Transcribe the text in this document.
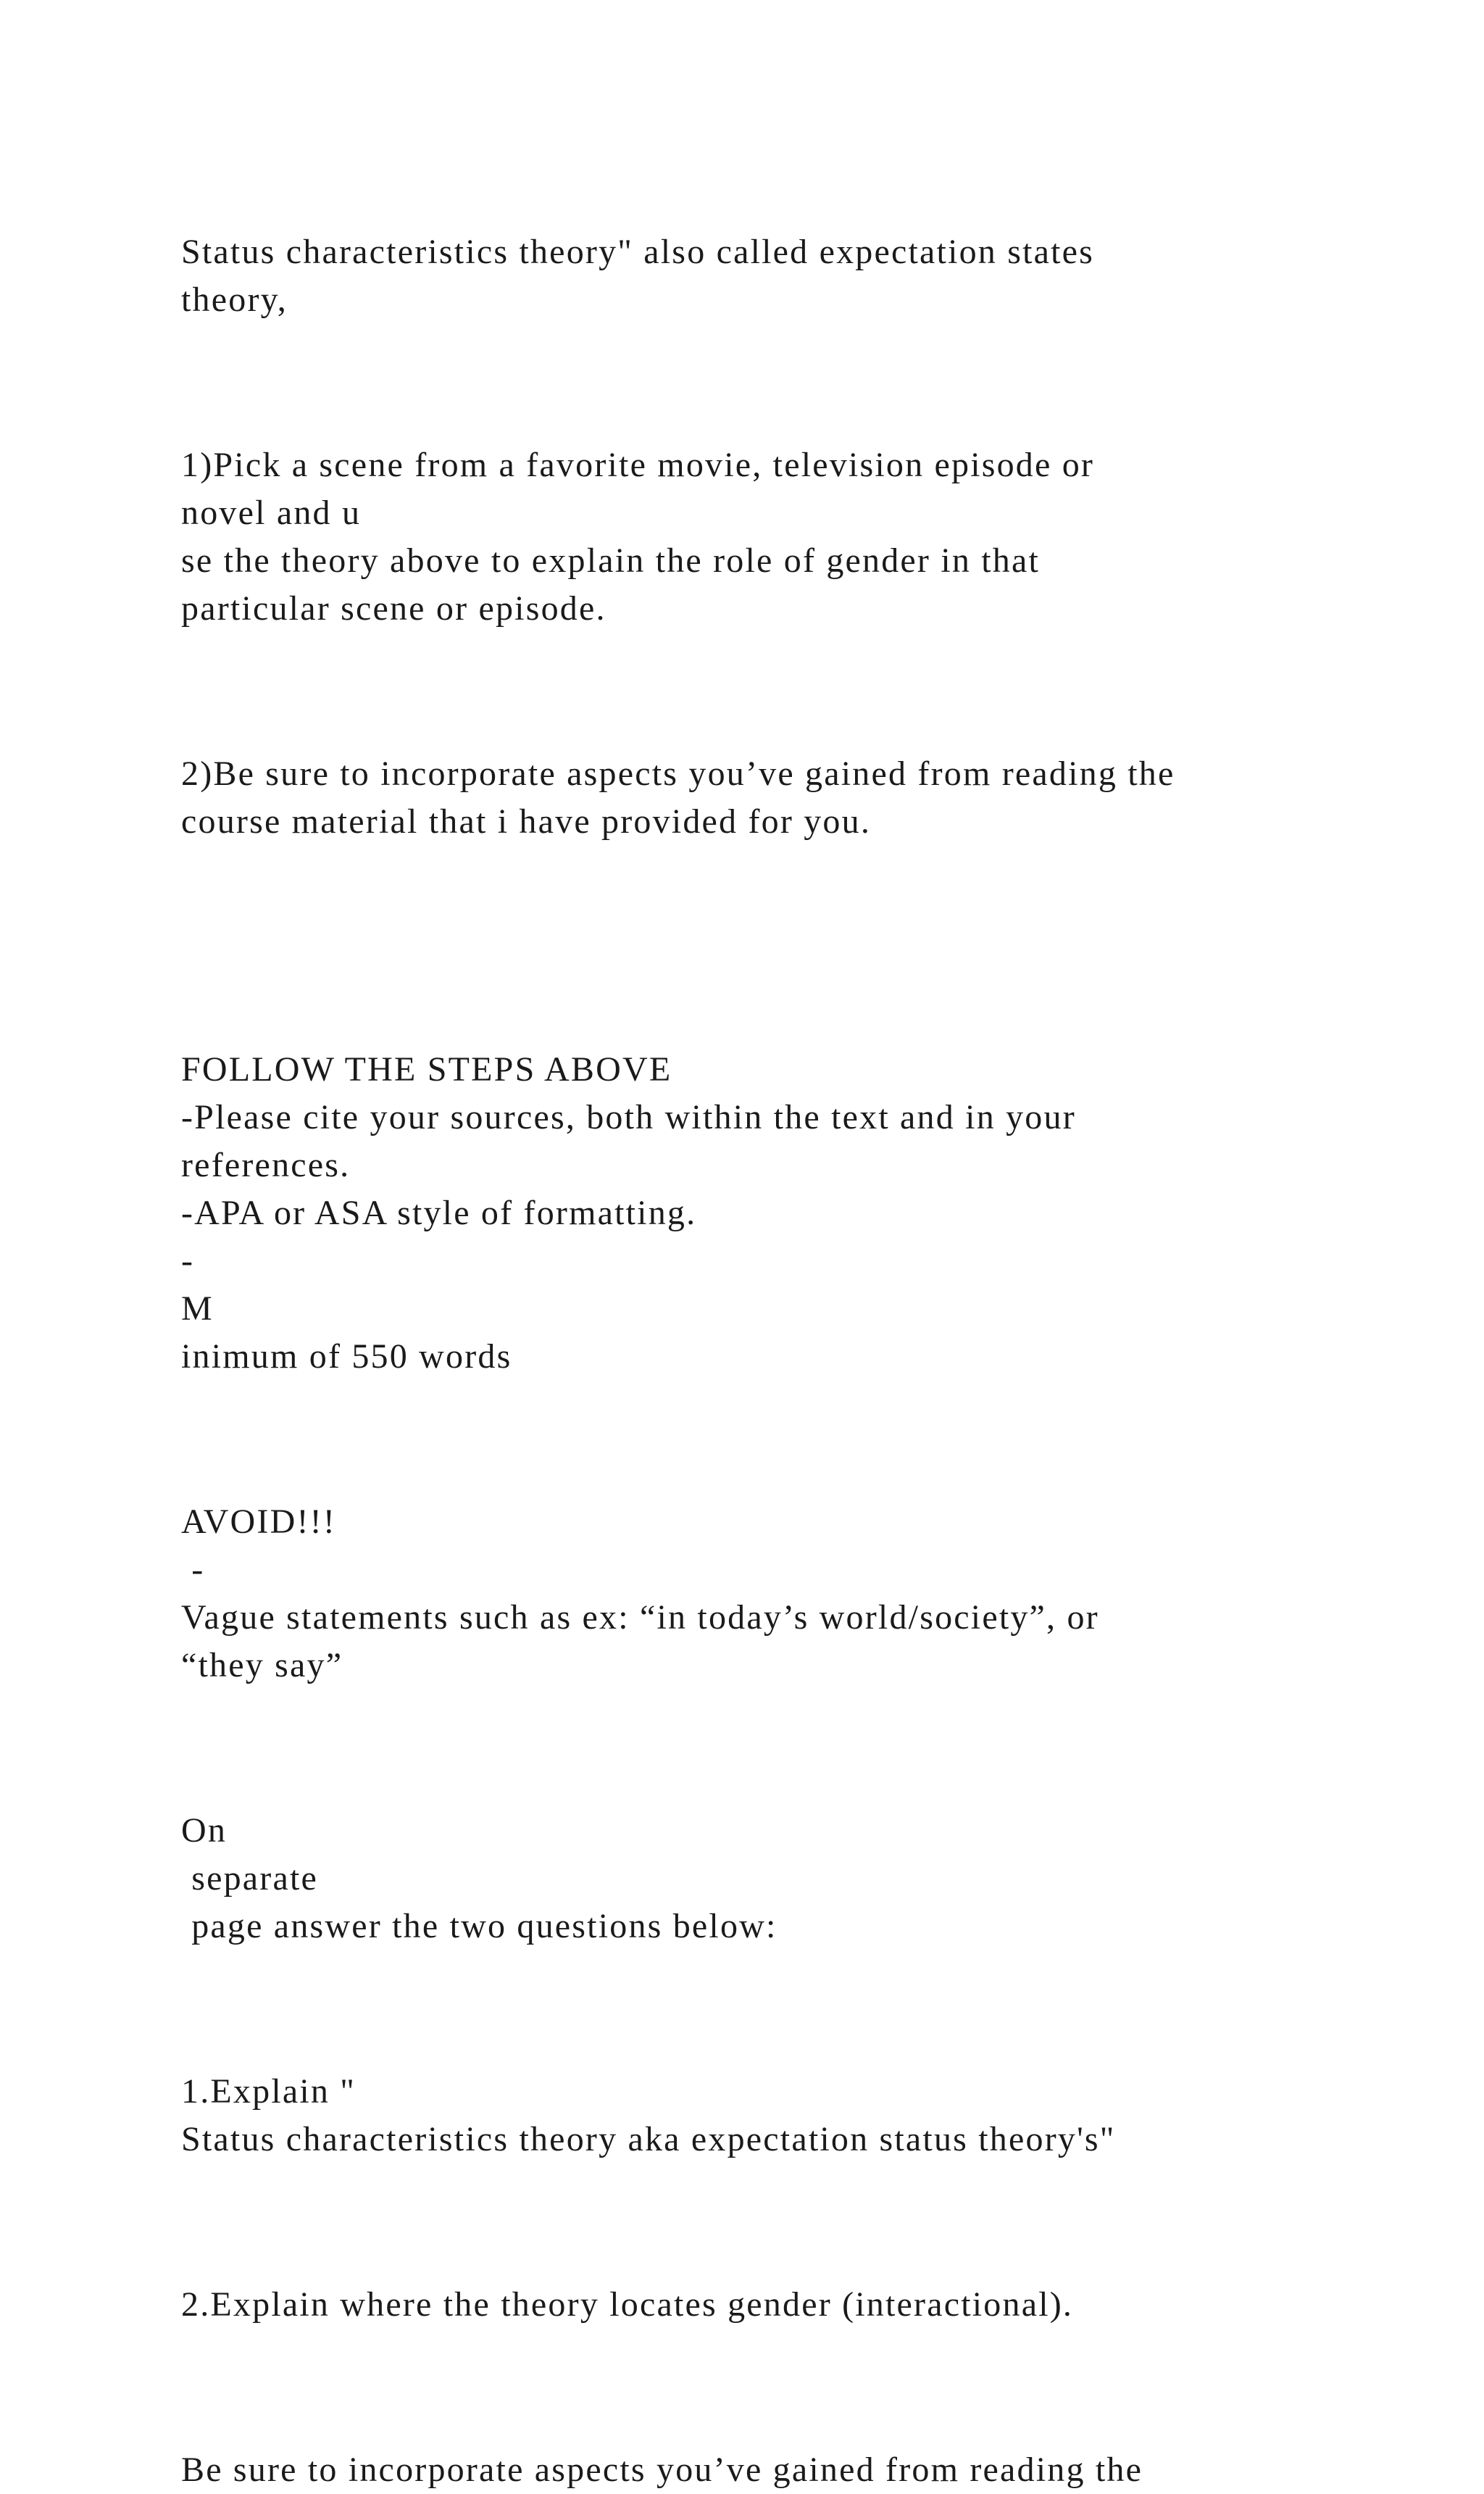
Status characteristics theory" also called expectation states

theory,

1)Pick a scene from a favorite movie, television episode or

novel and u

se the theory above to explain the role of gender in that

particular scene or episode.

2)Be sure to incorporate aspects you’ve gained from reading the

course material that i have provided for you.

FOLLOW THE STEPS ABOVE

-Please cite your sources, both within the text and in your

references.

-APA or ASA style of formatting.

-

M

inimum of 550 words

AVOID!!!

-

Vague statements such as ex: “in today’s world/society”, or

“they say”

On

separate

page answer the two questions below:

1.Explain "

Status characteristics theory aka expectation status theory's"

2.Explain where the theory locates gender (interactional).

Be sure to incorporate aspects you’ve gained from reading the
